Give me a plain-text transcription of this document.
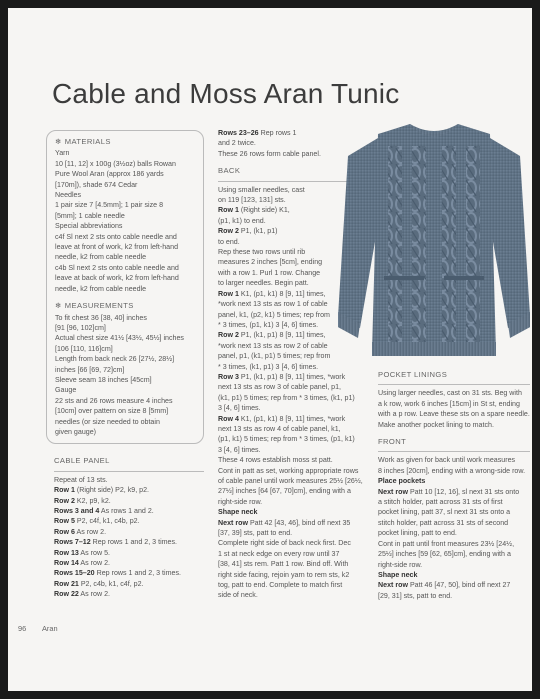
Cable and Moss Aran Tunic
❄ MATERIALS
Yarn
10 [11, 12] x 100g (3½oz) balls Rowan
Pure Wool Aran (approx 186 yards
[170m]), shade 674 Cedar
Needles
1 pair size 7 [4.5mm]; 1 pair size 8
[5mm]; 1 cable needle
Special abbreviations
c4f Sl next 2 sts onto cable needle and
leave at front of work, k2 from left-hand
needle, k2 from cable needle
c4b Sl next 2 sts onto cable needle and
leave at back of work, k2 from left-hand
needle, k2 from cable needle
❄ MEASUREMENTS
To fit chest 36 [38, 40] inches
[91 [96, 102]cm]
Actual chest size 41½ [43½, 45½] inches
[106 [110, 116]cm]
Length from back neck 26 [27½, 28½]
inches [66 [69, 72]cm]
Sleeve seam 18 inches [45cm]
Gauge
22 sts and 26 rows measure 4 inches
[10cm] over pattern on size 8 [5mm]
needles (or size needed to obtain
given gauge)
CABLE PANEL
Repeat of 13 sts.
Row 1 (Right side) P2, k9, p2.
Row 2 K2, p9, k2.
Rows 3 and 4 As rows 1 and 2.
Row 5 P2, c4f, k1, c4b, p2.
Row 6 As row 2.
Rows 7–12 Rep rows 1 and 2, 3 times.
Row 13 As row 5.
Row 14 As row 2.
Rows 15–20 Rep rows 1 and 2, 3 times.
Row 21 P2, c4b, k1, c4f, p2.
Row 22 As row 2.
Rows 23–26 Rep rows 1
and 2 twice.
These 26 rows form cable panel.
BACK
Using smaller needles, cast
on 119 [123, 131] sts.
Row 1 (Right side) K1,
(p1, k1) to end.
Row 2 P1, (k1, p1)
to end.
Rep these two rows until rib
measures 2 inches [5cm], ending
with a row 1. Purl 1 row. Change
to larger needles. Begin patt.
Row 1 K1, (p1, k1) 8 [9, 11] times,
*work next 13 sts as row 1 of cable
panel, k1, (p2, k1) 5 times; rep from
* 3 times, (p1, k1) 3 [4, 6] times.
Row 2 P1, (k1, p1) 8 [9, 11] times,
*work next 13 sts as row 2 of cable
panel, p1, (k1, p1) 5 times; rep from
* 3 times, (k1, p1) 3 [4, 6] times.
Row 3 P1, (k1, p1) 8 [9, 11] times, *work
next 13 sts as row 3 of cable panel, p1,
(k1, p1) 5 times; rep from * 3 times, (k1, p1)
3 [4, 6] times.
Row 4 K1, (p1, k1) 8 [9, 11] times, *work
next 13 sts as row 4 of cable panel, k1,
(p1, k1) 5 times; rep from * 3 times, (p1, k1)
3 [4, 6] times.
These 4 rows establish moss st patt.
Cont in patt as set, working appropriate rows
of cable panel until work measures 25½ [26½,
27½] inches [64 [67, 70]cm], ending with a
right-side row.
Shape neck
Next row Patt 42 [43, 46], bind off next 35
[37, 39] sts, patt to end.
Complete right side of back neck first. Dec
1 st at neck edge on every row until 37
[38, 41] sts rem. Patt 1 row. Bind off. With
right side facing, rejoin yarn to rem sts, k2
tog, patt to end. Complete to match first
side of neck.
POCKET LININGS
Using larger needles, cast on 31 sts. Beg with
a k row, work 6 inches [15cm] in St st, ending
with a p row. Leave these sts on a spare needle.
Make another pocket lining to match.
FRONT
Work as given for back until work measures
8 inches [20cm], ending with a wrong-side row.
Place pockets
Next row Patt 10 [12, 16], sl next 31 sts onto
a stitch holder, patt across 31 sts of first
pocket lining, patt 37, sl next 31 sts onto a
stitch holder, patt across 31 sts of second
pocket lining, patt to end.
Cont in patt until front measures 23½ [24½,
25½] inches [59 [62, 65]cm], ending with a
right-side row.
Shape neck
Next row Patt 46 [47, 50], bind off next 27
[29, 31] sts, patt to end.
96 Aran
